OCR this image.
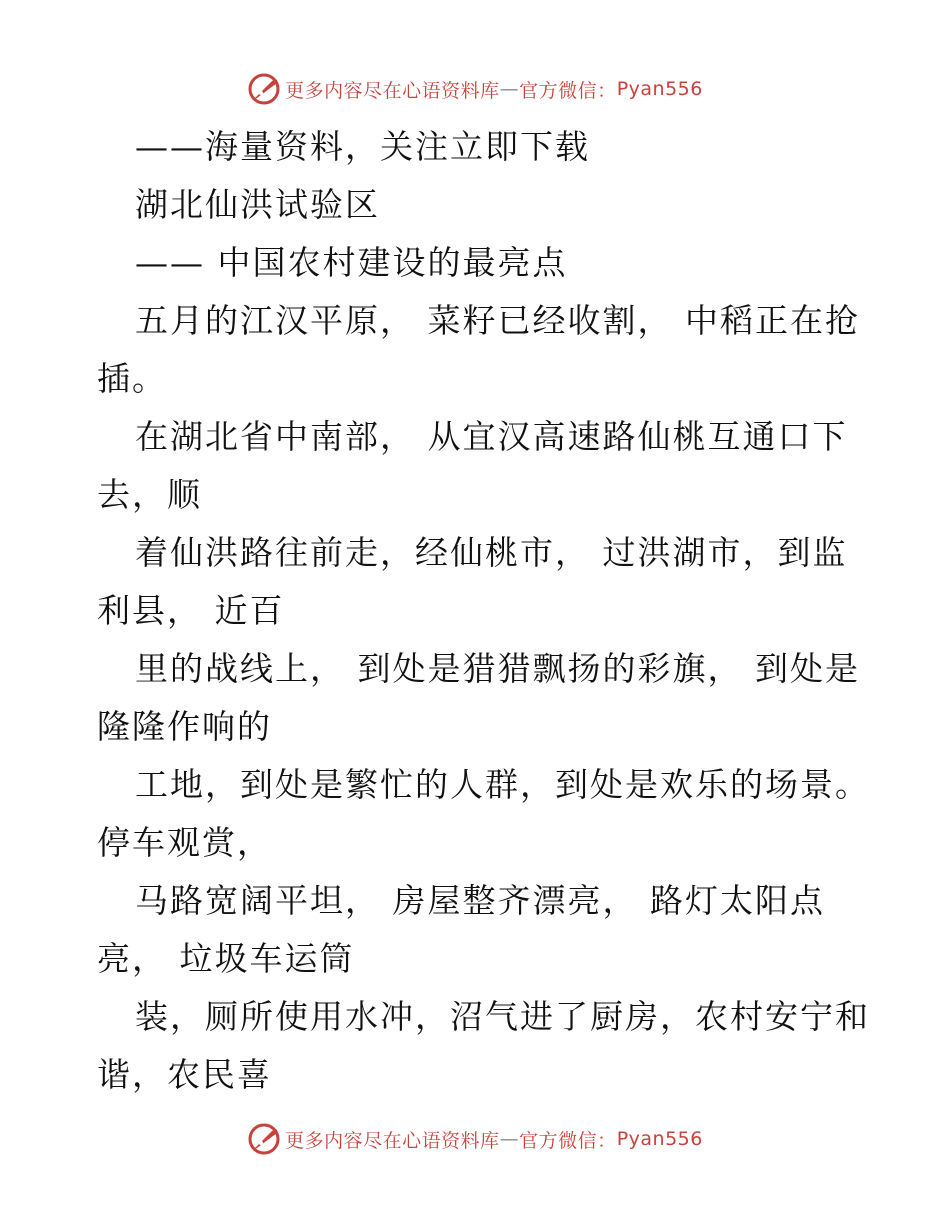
更多内容尽在心语资料库 — 官方微信： Pyan556

——海量资料，关注立即下载

湖北仙洪试验区

—— 中国农村建设的最亮点

五月的江汉平原， 菜籽已经收割， 中稻正在抢

插。

在湖北省中南部， 从宜汉高速路仙桃互通口下

去，顺

着仙洪路往前走，经仙桃市， 过洪湖市，到监

利县， 近百

里的战线上， 到处是猎猎飘扬的彩旗， 到处是

隆隆作响的

工地，到处是繁忙的人群，到处是欢乐的场景。

停车观赏，

马路宽阔平坦， 房屋整齐漂亮， 路灯太阳点

亮， 垃圾车运筒

装，厕所使用水冲，沼气进了厨房，农村安宁和

谐，农民喜

更多内容尽在心语资料库 — 官方微信： Pyan556
